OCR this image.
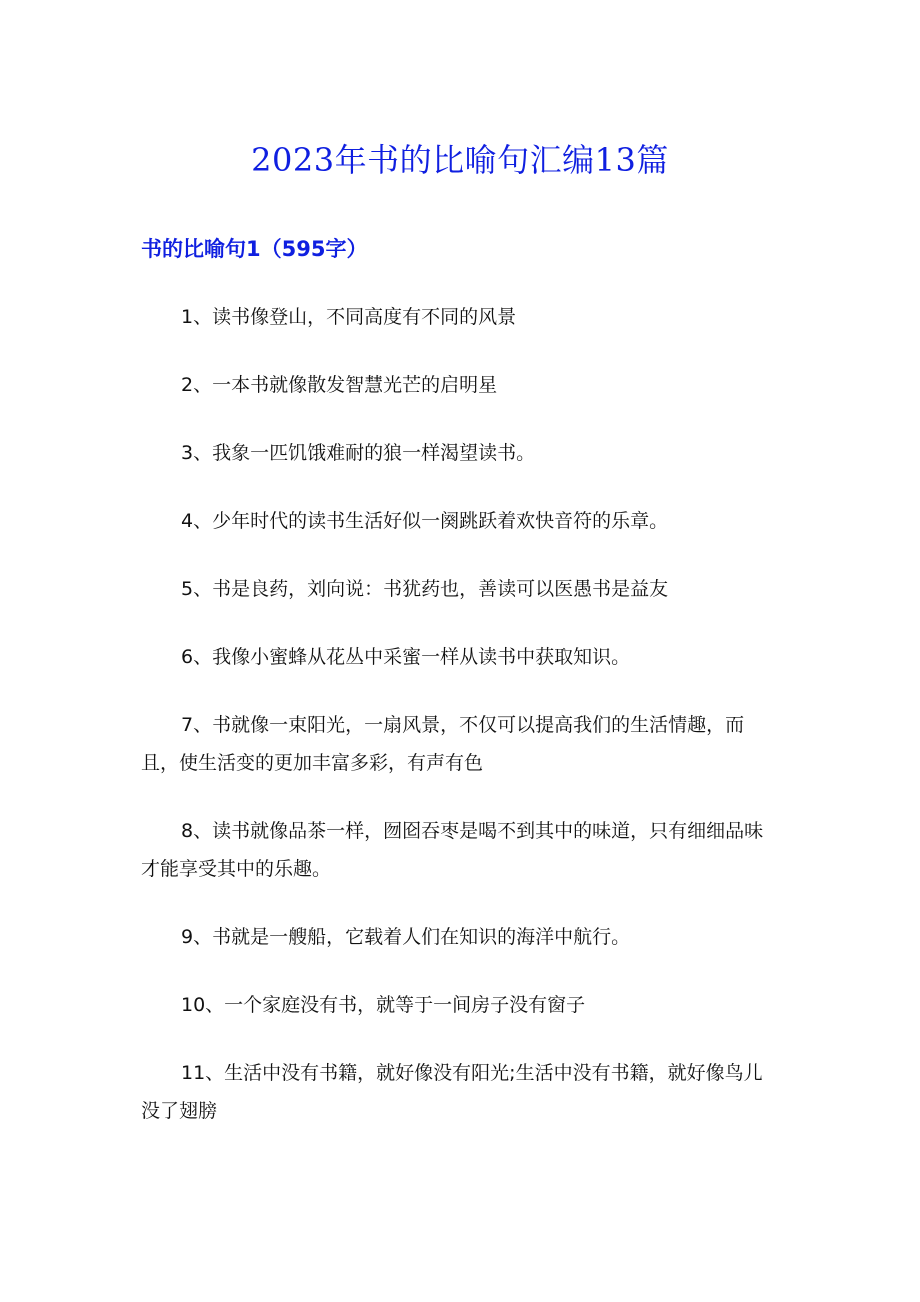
2023年书的比喻句汇编13篇
书的比喻句1（595字）
1、读书像登山，不同高度有不同的风景
2、一本书就像散发智慧光芒的启明星
3、我象一匹饥饿难耐的狼一样渴望读书。
4、少年时代的读书生活好似一阕跳跃着欢快音符的乐章。
5、书是良药，刘向说：书犹药也，善读可以医愚书是益友
6、我像小蜜蜂从花丛中采蜜一样从读书中获取知识。
7、书就像一束阳光，一扇风景，不仅可以提高我们的生活情趣，而且，使生活变的更加丰富多彩，有声有色
8、读书就像品茶一样，囫囵吞枣是喝不到其中的味道，只有细细品味才能享受其中的乐趣。
9、书就是一艘船，它载着人们在知识的海洋中航行。
10、一个家庭没有书，就等于一间房子没有窗子
11、生活中没有书籍，就好像没有阳光;生活中没有书籍，就好像鸟儿没了翅膀
